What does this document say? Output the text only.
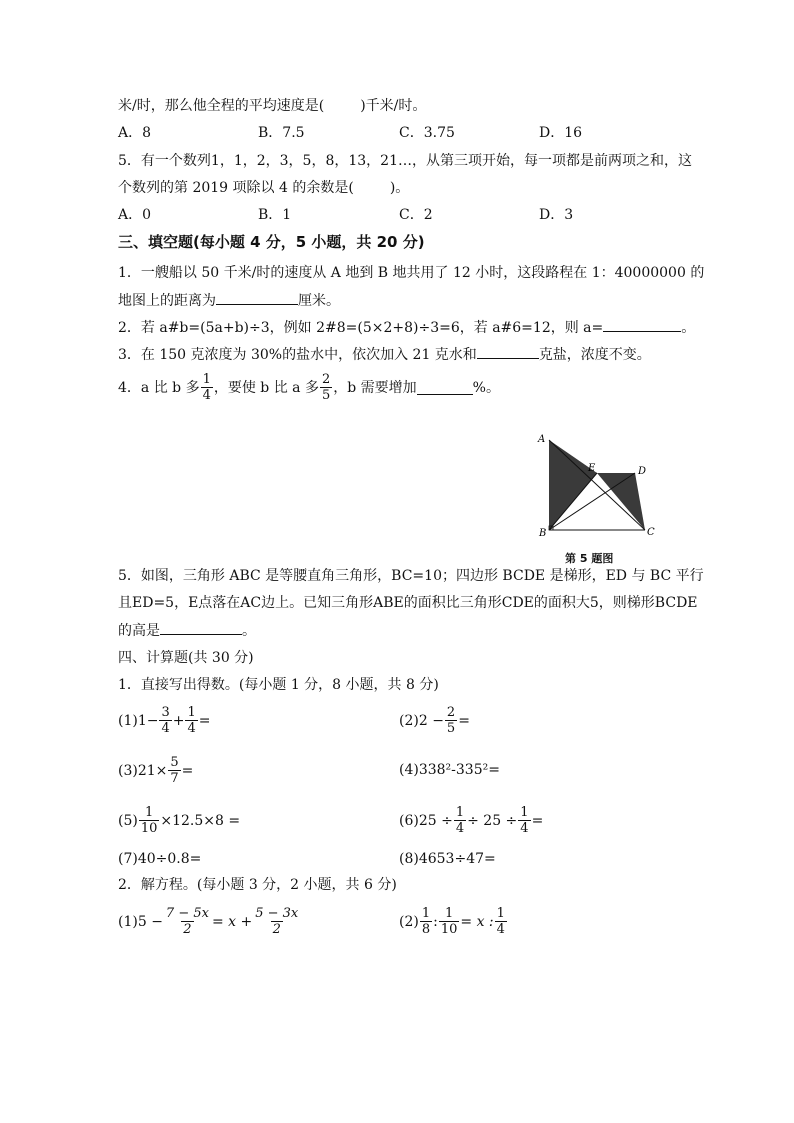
米/时，那么他全程的平均速度是(	)千米/时。
A．8	B．7.5	C．3.75	D．16
5．有一个数列1，1，2，3，5，8，13，21…，从第三项开始，每一项都是前两项之和，这
个数列的第 2019 项除以 4 的余数是(	)。
A．0	B．1	C．2	D．3
三、填空题(每小题 4 分，5 小题，共 20 分)
1．一艘船以 50 千米/时的速度从 A 地到 B 地共用了 12 小时，这段路程在 1：40000000 的
地图上的距离为	厘米。
2．若 a#b=(5a+b)÷3，例如 2#8=(5×2+8)÷3=6，若 a#6=12，则 a=	。
3．在 150 克浓度为 30%的盐水中，依次加入 21 克水和	克盐，浓度不变。
4．a 比 b 多 $\frac{1}{4}$ ，要使 b 比 a 多 $\frac{2}{5}$ ，b 需要增加	%。
A
B	C
D
E
第 5 题图
5．如图，三角形 ABC 是等腰直角三角形，BC=10；四边形 BCDE 是梯形，ED 与 BC 平行
且ED=5，E点落在AC边上。已知三角形ABE的面积比三角形CDE的面积大5，则梯形BCDE
的高是	。
四、计算题(共 30 分)
1．直接写出得数。(每小题 1 分，8 小题，共 8 分)
$(1)1- \frac{3}{4} + \frac{1}{4}$ =	$(2)2 - \frac{2}{5}$ =
$(3)21\times \frac{5}{7}$ =	(4)338²-335²=
$(5) \frac{1}{10} \times 12.5\times 8$ =	$(6)25 \div \frac{1}{4} \div 25 \div \frac{1}{4}$ =
(7)40÷0.8=	(8)4653÷47=
2．解方程。(每小题 3 分，2 小题，共 6 分)
$(1)5 - \frac{7 - 5x}{2} = x + \frac{5 - 3x}{2}$	$(2) \frac{1}{8}$ : $\frac{1}{10} = x$ : $\frac{1}{4}$
